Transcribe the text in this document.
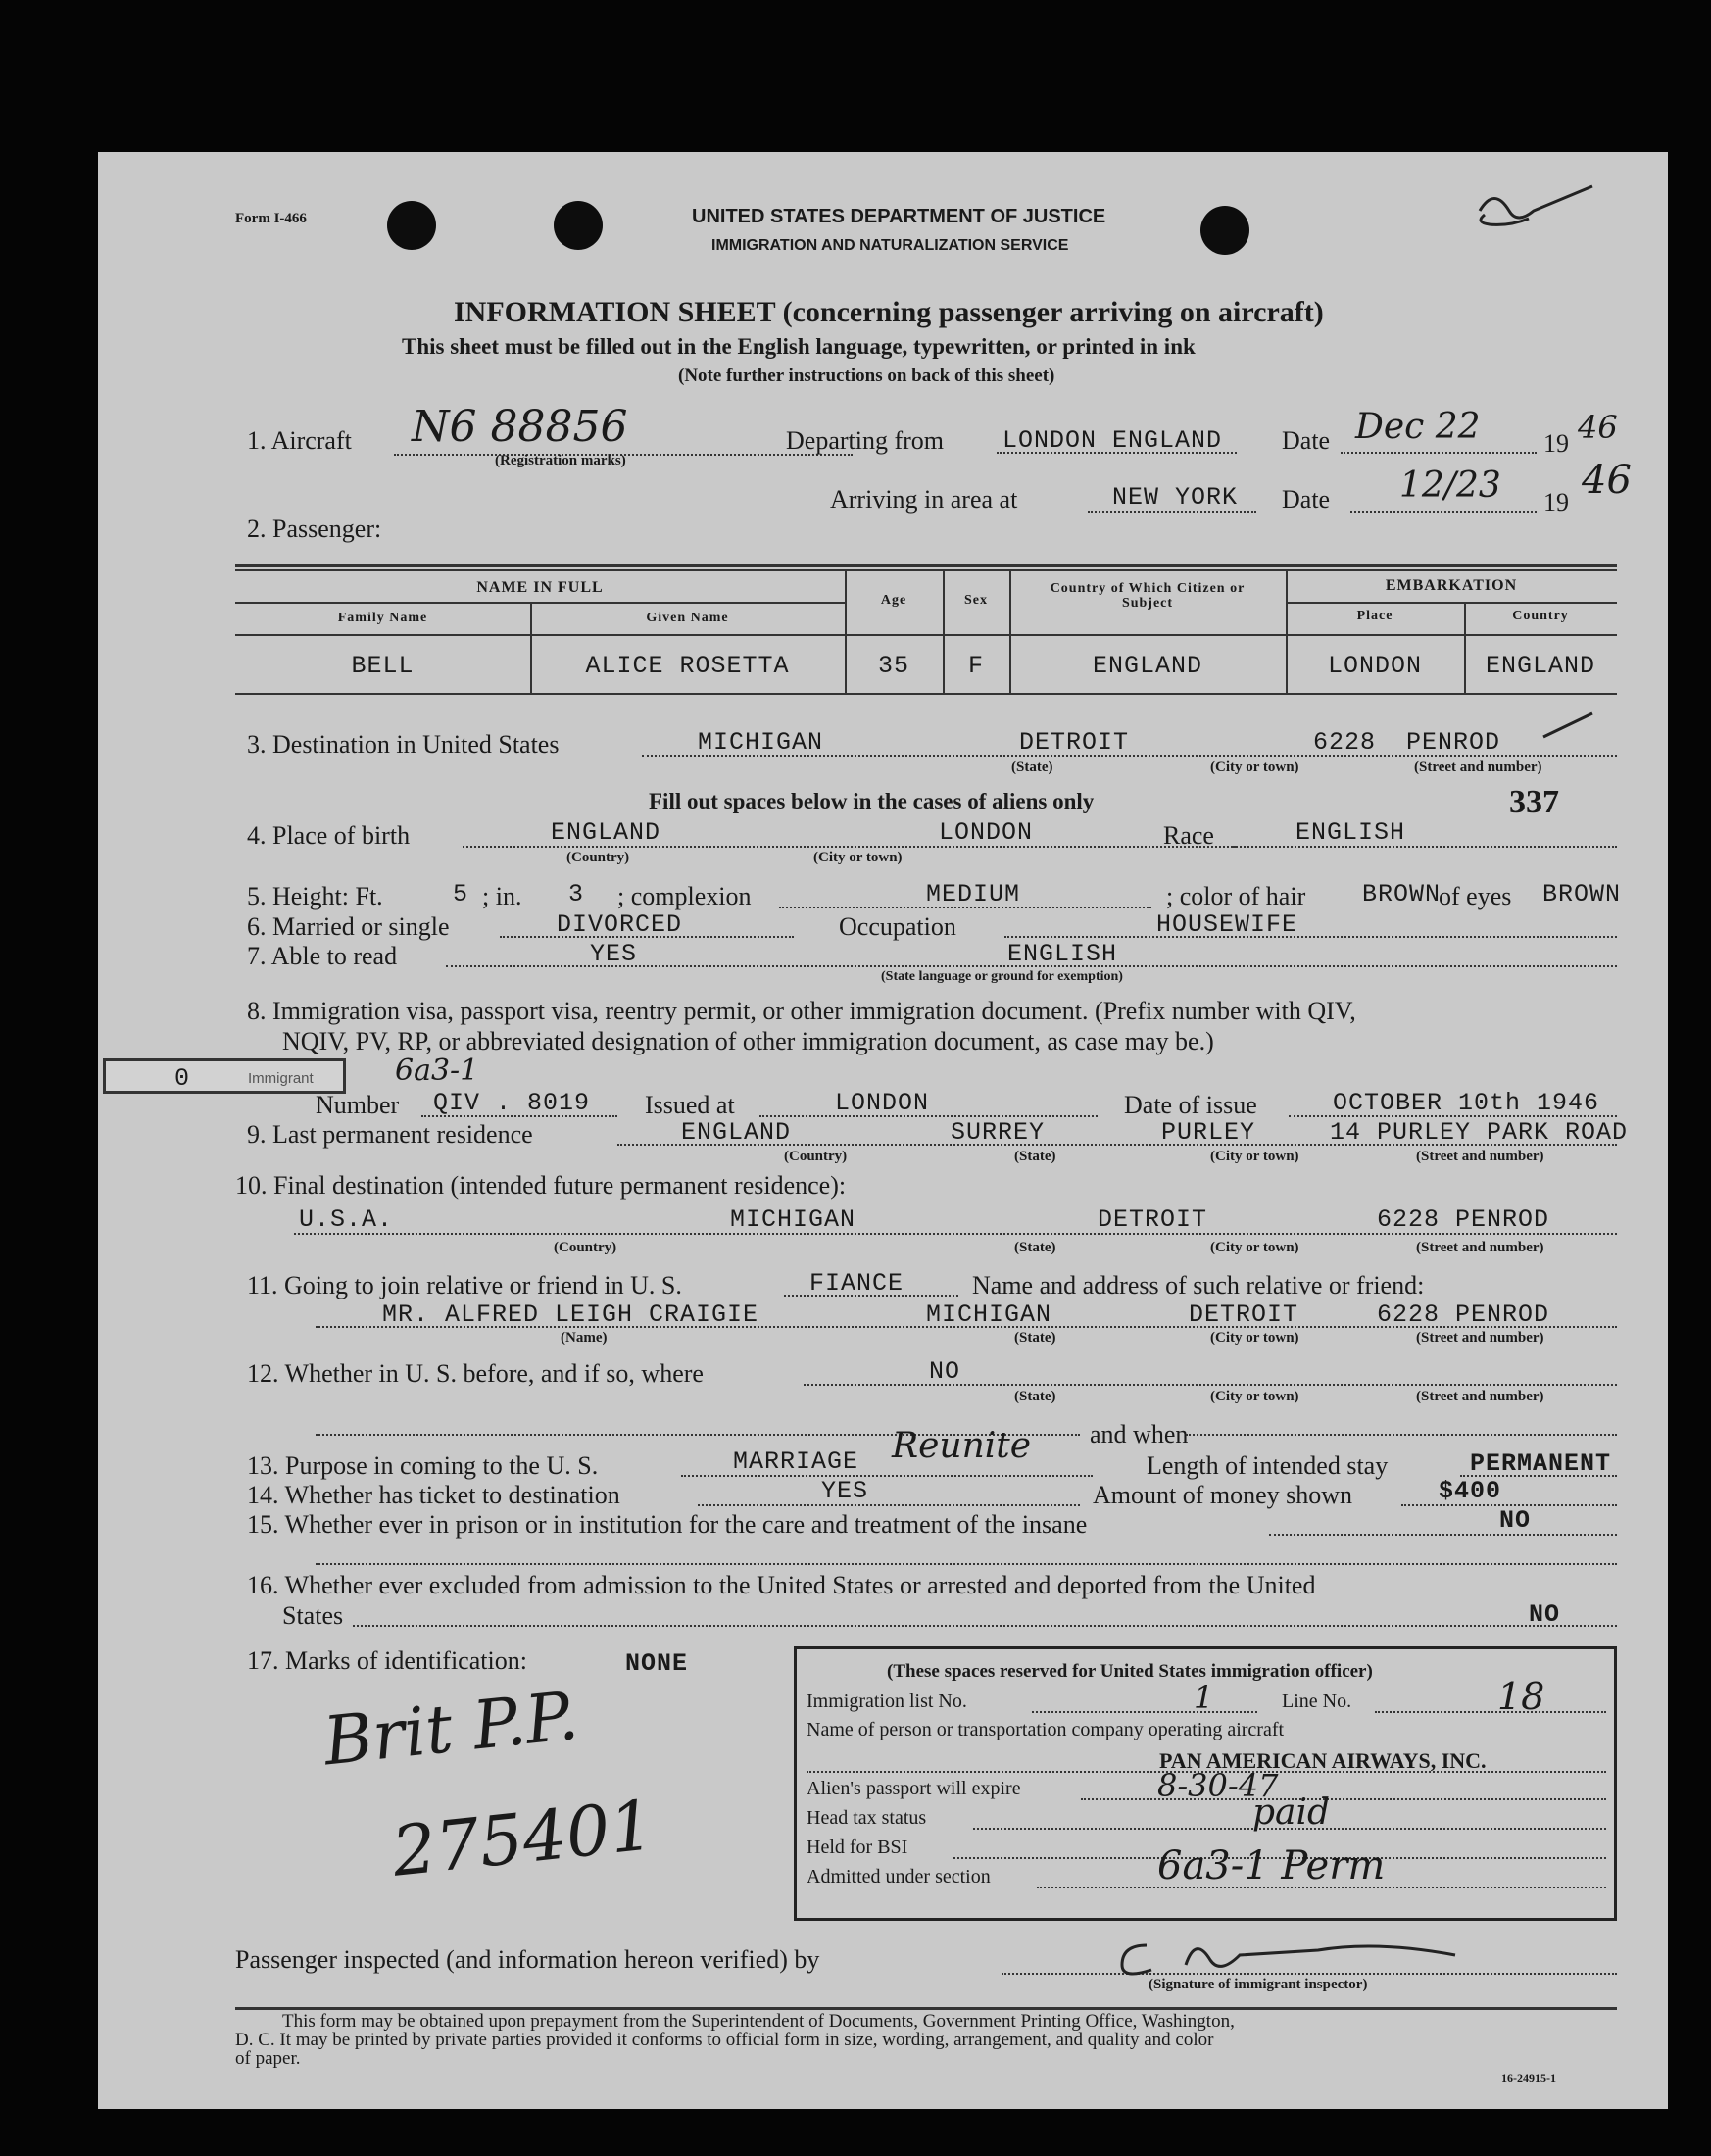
Form I-466	UNITED STATES DEPARTMENT OF JUSTICE
IMMIGRATION AND NATURALIZATION SERVICE
INFORMATION SHEET (concerning passenger arriving on aircraft)
This sheet must be filled out in the English language, typewritten, or printed in ink
(Note further instructions on back of this sheet)
1. Aircraft N6 88856
(Registration marks)
Departing from LONDON ENGLAND Date Dec 22 19 46
Arriving in area at	NEW YORK Date 12/23 19 46
2. Passenger:
NAME IN FULL
Family Name	Given Name
Age	Sex
Country of Which Citizen or Subject
EMBARKATION
Place	Country
BELL	ALICE ROSETTA	35	F	ENGLAND	LONDON	ENGLAND
3. Destination in United States	MICHIGAN	DETROIT	6228 PENROD
(State)	(City or town)	(Street and number)
Fill out spaces below in the cases of aliens only	337
4. Place of birth	ENGLAND	LONDON
(Country)	(City or town)
Race	ENGLISH
5. Height: Ft.	5 ; in. 3 ; complexion	MEDIUM	; color of hair BROWN
of eyes BROWN
6. Married or single	DIVORCED	Occupation	HOUSEWIFE
7. Able to read	YES	ENGLISH
(State language or ground for exemption)
8. Immigration visa, passport visa, reentry permit, or other immigration document. (Prefix number with QIV,
NQIV, PV, RP, or abbreviated designation of other immigration document, as case may be.)
0	Immigrant	6a3-1
Number QIV . 8019 Issued at	LONDON	Date of issue	OCTOBER 10th 1946
9. Last permanent residence	ENGLAND	SURREY	PURLEY	14 PURLEY PARK ROAD
(Country)	(State)	(City or town)	(Street and number)
10. Final destination (intended future permanent residence):
U.S.A.	MICHIGAN	DETROIT	6228 PENROD
(Country)	(State)	(City or town)	(Street and number)
11. Going to join relative or friend in U. S.	FIANCE	Name and address of such relative or friend:
MR. ALFRED LEIGH CRAIGIE	MICHIGAN	DETROIT	6228 PENROD
(Name)	(State)	(City or town)	(Street and number)
12. Whether in U. S. before, and if so, where	NO
(State)	(City or town)	(Street and number)
and when
13. Purpose in coming to the U. S.	MARRIAGE Reunite	Length of intended stay	PERMANENT
14. Whether has ticket to destination	YES	Amount of money shown	$400
15. Whether ever in prison or in institution for the care and treatment of the insane	NO
16. Whether ever excluded from admission to the United States or arrested and deported from the United
States	NO
17. Marks of identification:	NONE
Brit P.P.
275401
(These spaces reserved for United States immigration officer)
Immigration list No.	1	Line No.	18
Name of person or transportation company operating aircraft
PAN AMERICAN AIRWAYS, INC.
Alien's passport will expire	8-30-47
Head tax status	paid
Held for BSI
Admitted under section	6a3-1 Perm
Passenger inspected (and information hereon verified) by
(Signature of immigrant inspector)
This form may be obtained upon prepayment from the Superintendent of Documents, Government Printing Office, Washington,
D. C. It may be printed by private parties provided it conforms to official form in size, wording, arrangement, and quality and color
of paper.
16-24915-1
